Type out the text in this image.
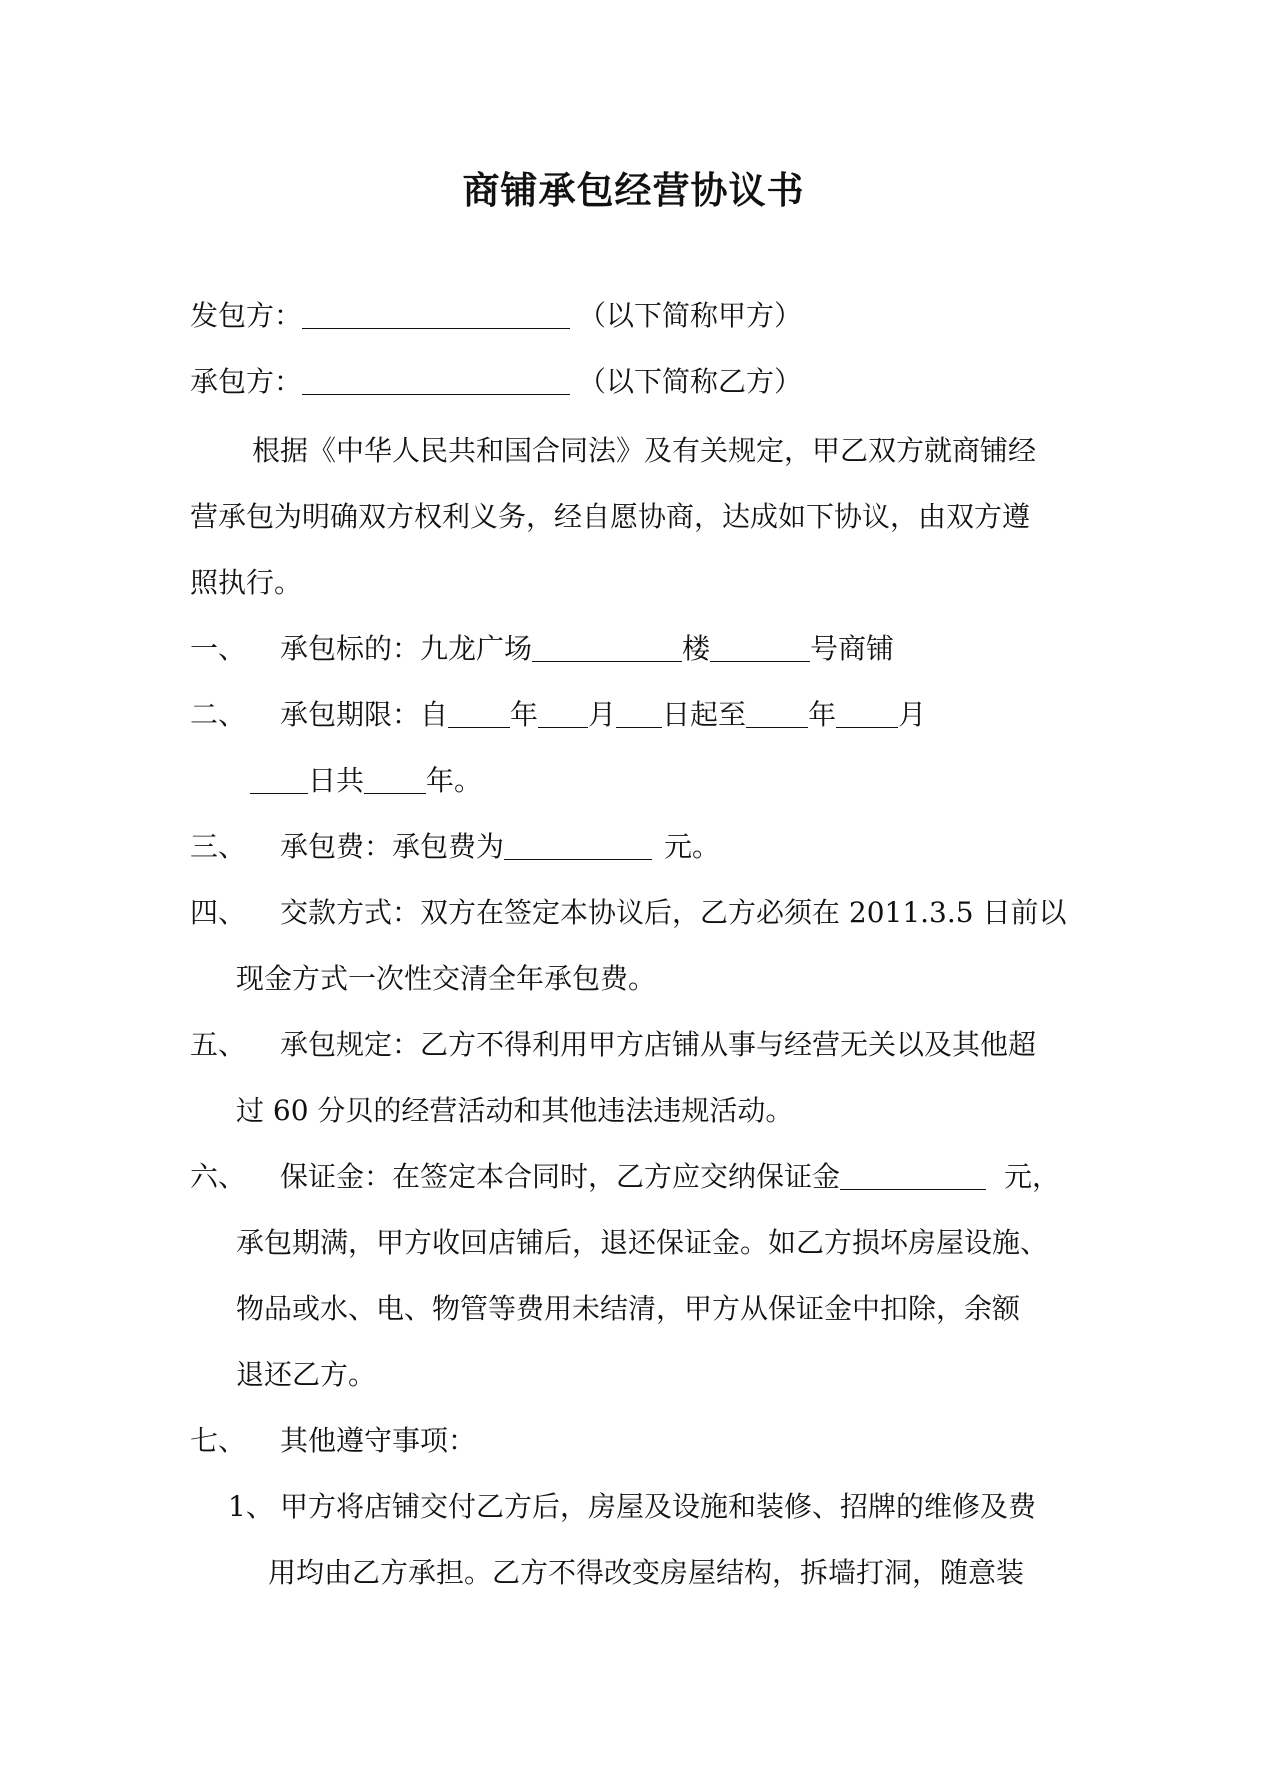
商铺承包经营协议书
发包方：	（以下简称甲方）
承包方：	（以下简称乙方）
根据《中华人民共和国合同法》及有关规定，甲乙双方就商铺经
营承包为明确双方权利义务，经自愿协商，达成如下协议，由双方遵
照执行。
一、 承包标的：九龙广场	楼	号商铺
二、 承包期限：自 年 月 日起至 年 月
日共 年。
三、 承包费：承包费为	元。
四、 交款方式：双方在签定本协议后，乙方必须在 2011.3.5 日前以
现金方式一次性交清全年承包费。
五、 承包规定：乙方不得利用甲方店铺从事与经营无关以及其他超
过 60 分贝的经营活动和其他违法违规活动。
六、 保证金：在签定本合同时，乙方应交纳保证金	元，
承包期满，甲方收回店铺后，退还保证金。如乙方损坏房屋设施、
物品或水、电、物管等费用未结清，甲方从保证金中扣除，余额
退还乙方。
七、 其他遵守事项：
1、 甲方将店铺交付乙方后，房屋及设施和装修、招牌的维修及费
用均由乙方承担。乙方不得改变房屋结构，拆墙打洞，随意装
